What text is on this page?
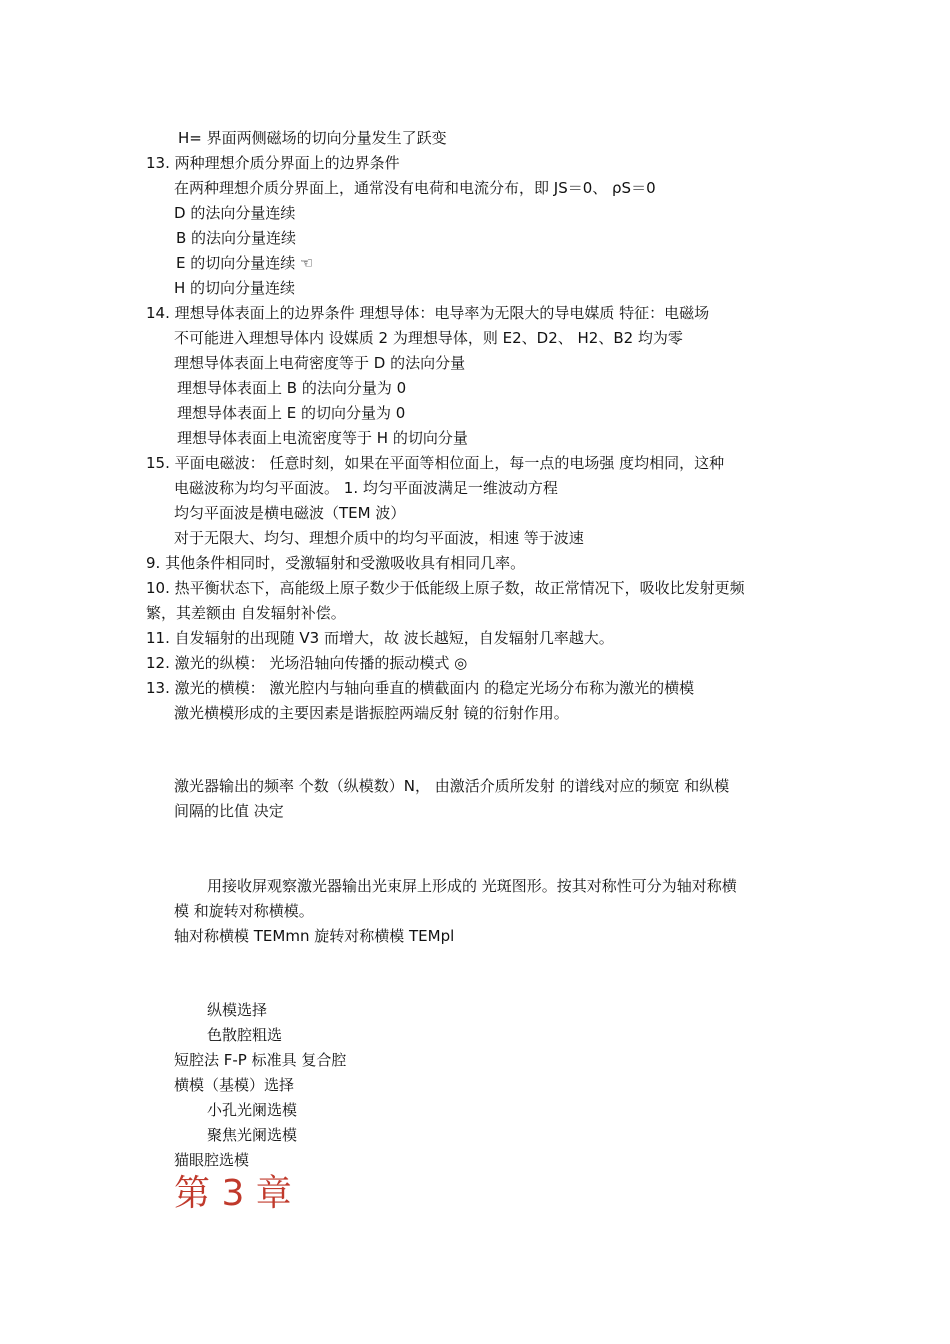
H= 界面两侧磁场的切向分量发生了跃变
13. 两种理想介质分界面上的边界条件
在两种理想介质分界面上，通常没有电荷和电流分布，即 JS＝0、 ρS＝0
D 的法向分量连续
B 的法向分量连续
E 的切向分量连续 ☜
H 的切向分量连续
14. 理想导体表面上的边界条件 理想导体：电导率为无限大的导电媒质 特征：电磁场
不可能进入理想导体内 设媒质 2 为理想导体，则 E2、D2、 H2、B2 均为零
理想导体表面上电荷密度等于 D 的法向分量
理想导体表面上 B 的法向分量为 0
理想导体表面上 E 的切向分量为 0
理想导体表面上电流密度等于 H 的切向分量
15. 平面电磁波： 任意时刻，如果在平面等相位面上，每一点的电场强 度均相同，这种
电磁波称为均匀平面波。 1. 均匀平面波满足一维波动方程
均匀平面波是横电磁波（TEM 波）
对于无限大、均匀、理想介质中的均匀平面波，相速 等于波速
9. 其他条件相同时，受激辐射和受激吸收具有相同几率。
10. 热平衡状态下，高能级上原子数少于低能级上原子数，故正常情况下，吸收比发射更频
繁，其差额由 自发辐射补偿。
11. 自发辐射的出现随 V3 而增大，故 波长越短，自发辐射几率越大。
12. 激光的纵模： 光场沿轴向传播的振动模式 ◎
13. 激光的横模： 激光腔内与轴向垂直的横截面内 的稳定光场分布称为激光的横模
激光横模形成的主要因素是谐振腔两端反射 镜的衍射作用。
激光器输出的频率 个数（纵模数）N， 由激活介质所发射 的谱线对应的频宽 和纵模
间隔的比值 决定
用接收屏观察激光器输出光束屏上形成的 光斑图形。按其对称性可分为轴对称横
模 和旋转对称横模。
轴对称横模 TEMmn 旋转对称横模 TEMpl
纵模选择
色散腔粗选
短腔法 F-P 标准具 复合腔
横模（基模）选择
小孔光阑选模
聚焦光阑选模
猫眼腔选模
第 3 章
